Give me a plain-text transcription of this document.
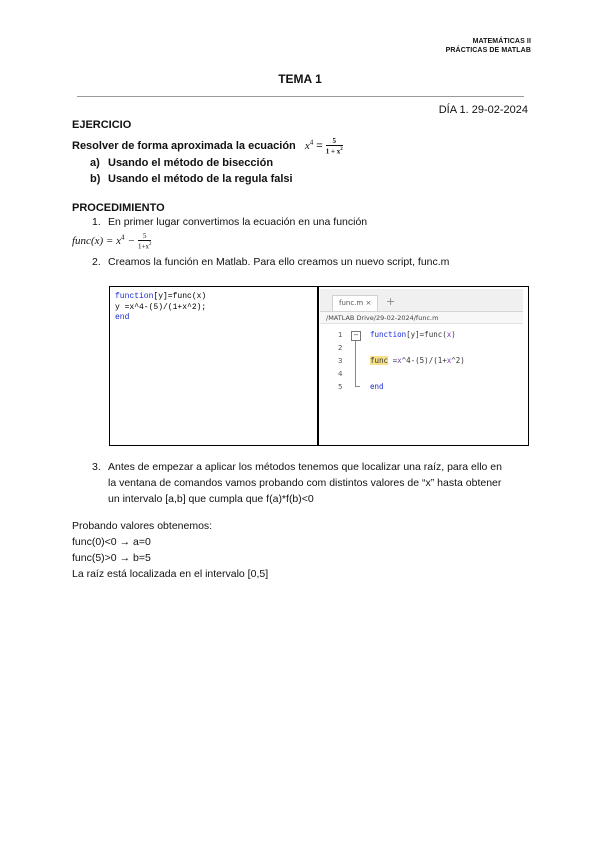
MATEMÁTICAS II
PRÁCTICAS DE MATLAB
TEMA 1
DÍA 1. 29-02-2024
EJERCICIO
Resolver de forma aproximada la ecuación $x^4 = \frac{5}{1 + x^2}$
a) Usando el método de bisección
b) Usando el método de la regula falsi
PROCEDIMIENTO
1. En primer lugar convertimos la ecuación en una función
func(x) = $x^4 - \frac{5}{1+x^2}$
2. Creamos la función en Matlab. Para ello creamos un nuevo script, func.m
function[y]=func(x)
y =x^4-(5)/(1+x^2);
end
func.m ×	+
/MATLAB Drive/29-02-2024/func.m
1
2
3
4
5
− function[y]=func(x)
func =x^4-(5)/(1+x^2)
end
3. Antes de empezar a aplicar los métodos tenemos que localizar una raíz, para ello en
la ventana de comandos vamos probando com distintos valores de “x” hasta obtener
un intervalo [a,b] que cumpla que f(a)*f(b)<0
Probando valores obtenemos:
func(0)<0 → a=0
func(5)>0 → b=5
La raíz está localizada en el intervalo [0,5]
